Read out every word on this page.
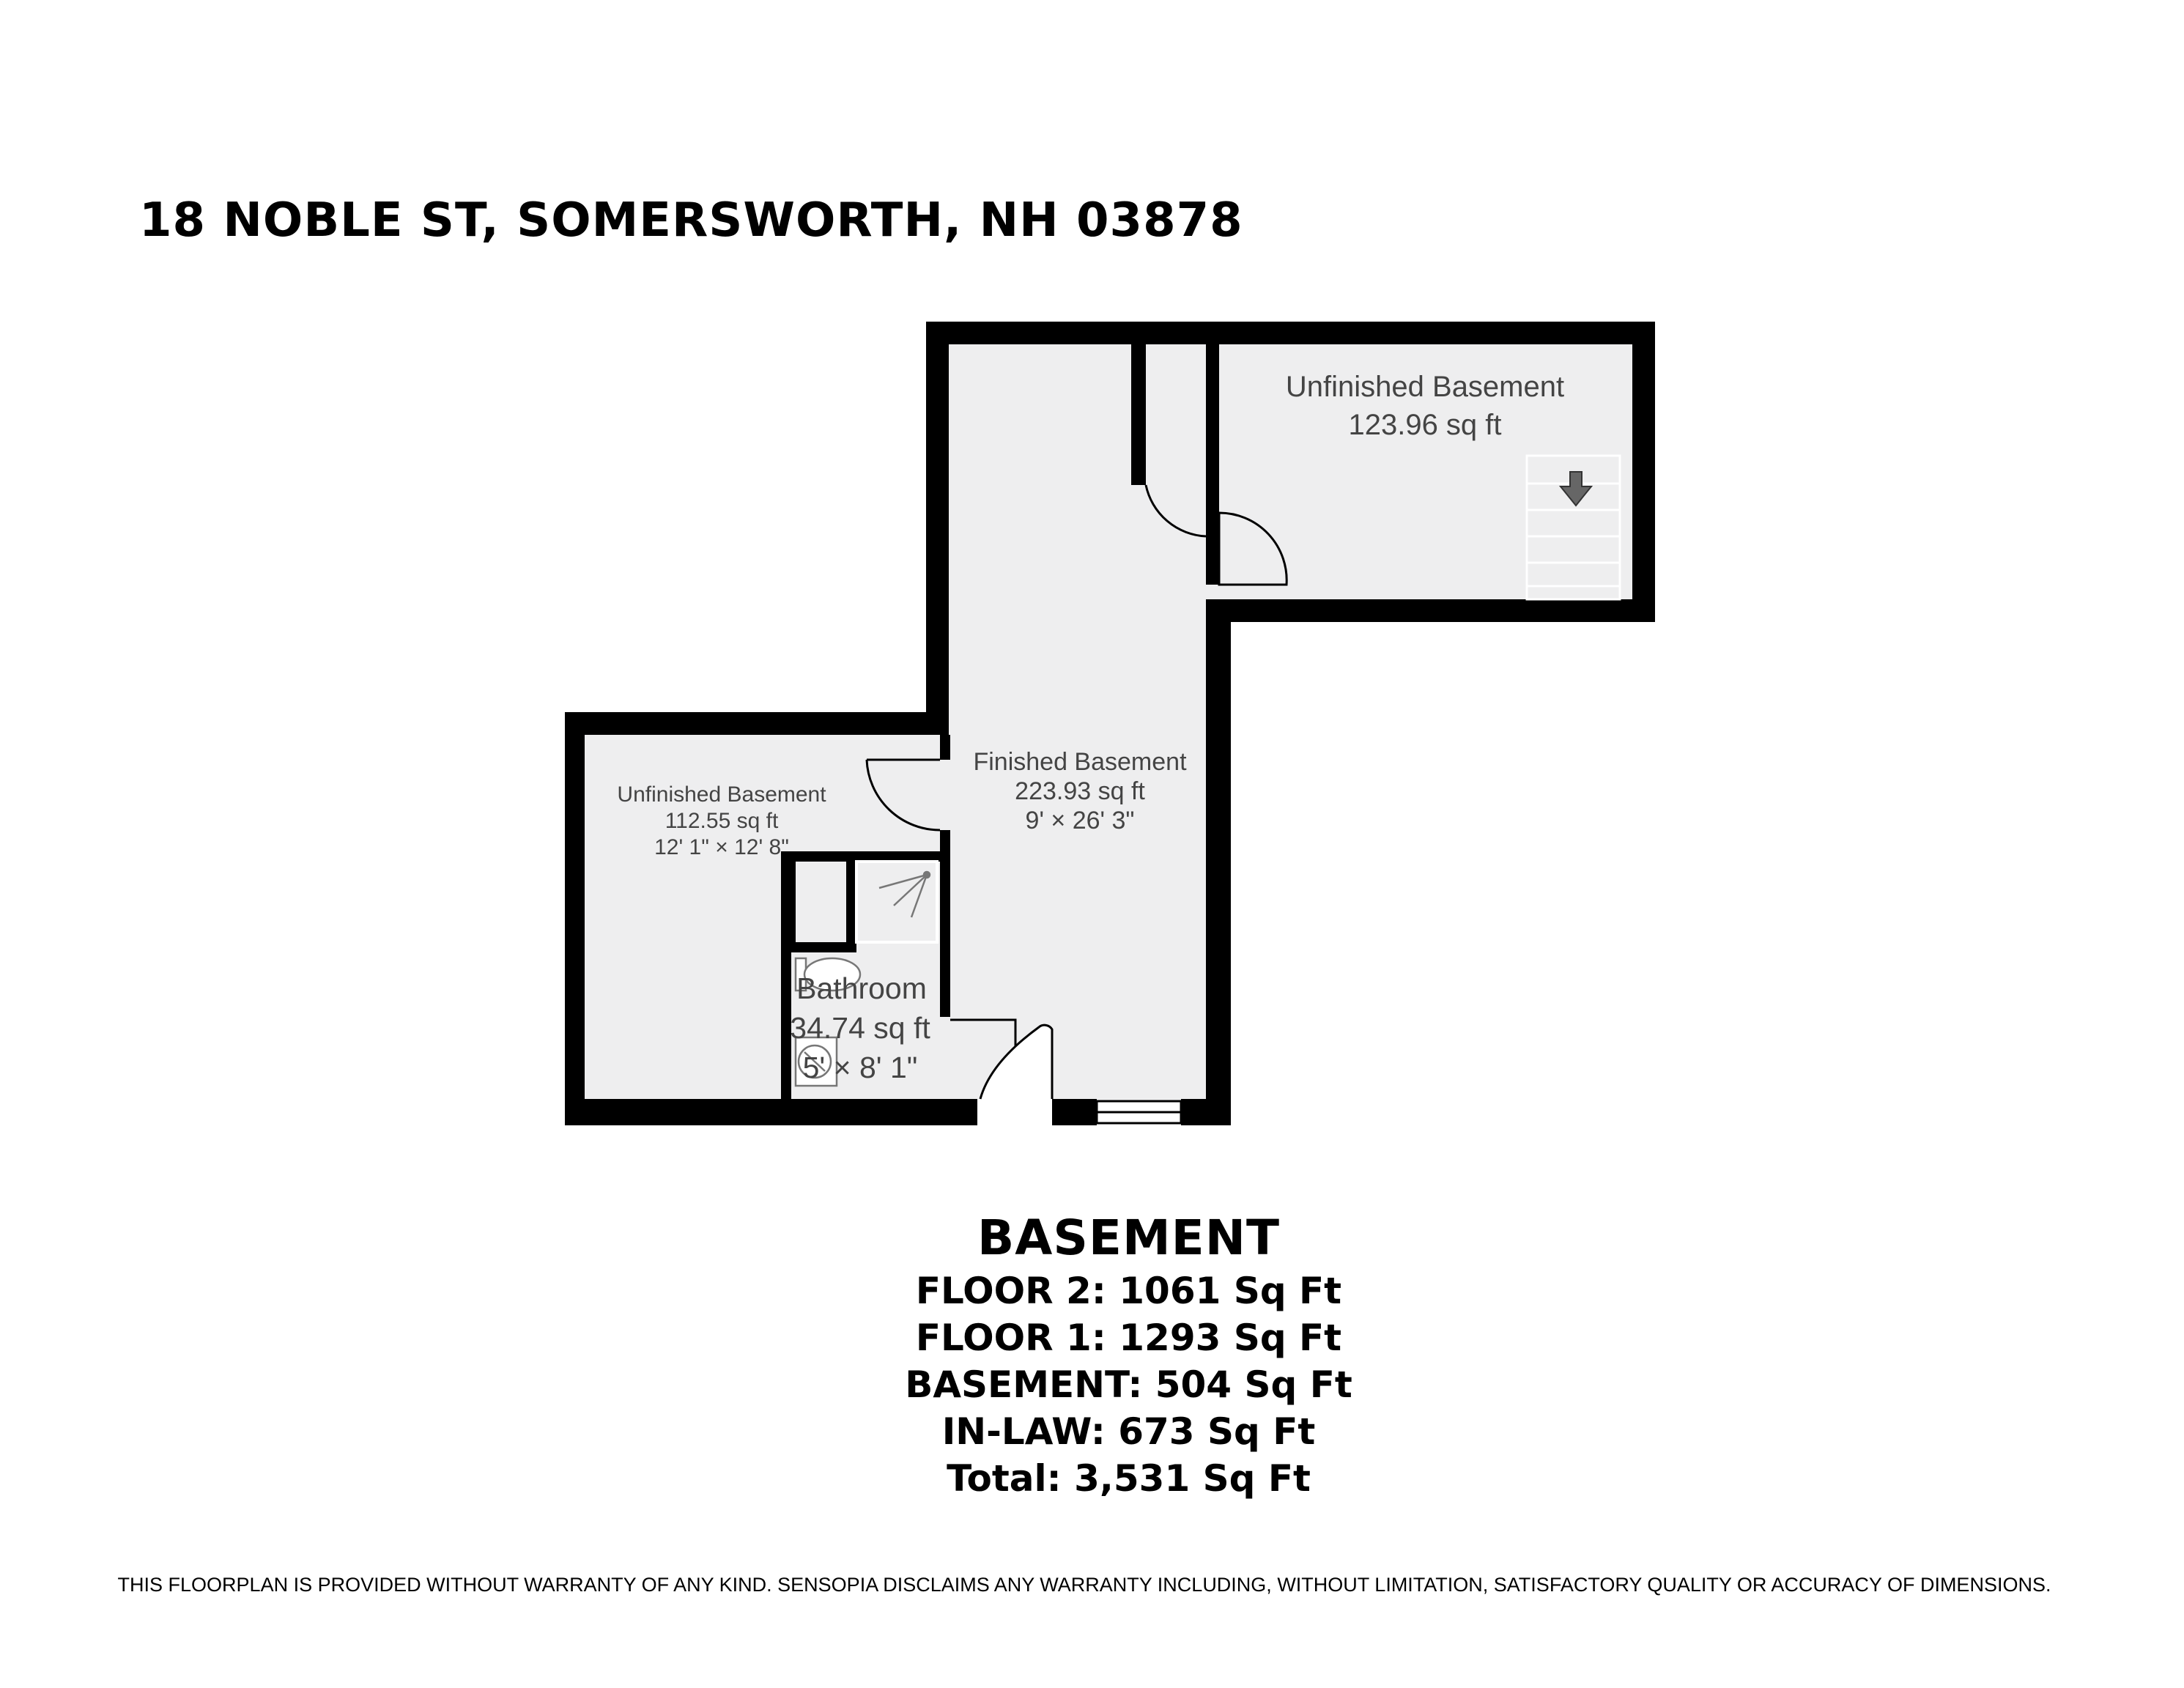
18 NOBLE ST, SOMERSWORTH, NH 03878
Unfinished Basement
123.96 sq ft
Finished Basement
223.93 sq ft
9' × 26' 3"
Unfinished Basement
112.55 sq ft
12' 1" × 12' 8"
Bathroom
34.74 sq ft
5' × 8' 1"
BASEMENT
FLOOR 2: 1061 Sq Ft
FLOOR 1: 1293 Sq Ft
BASEMENT: 504 Sq Ft
IN-LAW: 673 Sq Ft
Total: 3,531 Sq Ft
THIS FLOORPLAN IS PROVIDED WITHOUT WARRANTY OF ANY KIND. SENSOPIA DISCLAIMS ANY WARRANTY INCLUDING, WITHOUT LIMITATION, SATISFACTORY QUALITY OR ACCURACY OF DIMENSIONS.
